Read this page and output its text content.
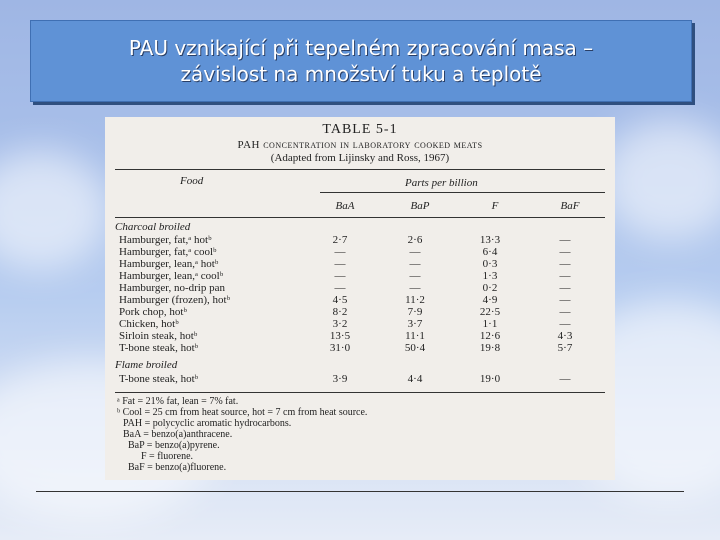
PAU vznikající při tepelném zpracování masa –
závislost na množství tuku a teplotě
TABLE 5-1
PAH concentration in laboratory cooked meats
(Adapted from Lijinsky and Ross, 1967)
Food	Parts per billion
BaA	BaP	F	BaF
Charcoal broiled
Hamburger, fat,ᵃ hotᵇ	2·7	2·6	13·3	—
Hamburger, fat,ᵃ coolᵇ	—	—	6·4	—
Hamburger, lean,ᵃ hotᵇ	—	—	0·3	—
Hamburger, lean,ᵃ coolᵇ	—	—	1·3	—
Hamburger, no-drip pan	—	—	0·2	—
Hamburger (frozen), hotᵇ	4·5	11·2	4·9	—
Pork chop, hotᵇ	8·2	7·9	22·5	—
Chicken, hotᵇ	3·2	3·7	1·1	—
Sirloin steak, hotᵇ	13·5	11·1	12·6	4·3
T-bone steak, hotᵇ	31·0	50·4	19·8	5·7
Flame broiled
T-bone steak, hotᵇ	3·9	4·4	19·0	—
ᵃ Fat = 21% fat, lean = 7% fat.
ᵇ Cool = 25 cm from heat source, hot = 7 cm from heat source.
PAH = polycyclic aromatic hydrocarbons.
BaA = benzo(a)anthracene.
BaP = benzo(a)pyrene.
F = fluorene.
BaF = benzo(a)fluorene.
